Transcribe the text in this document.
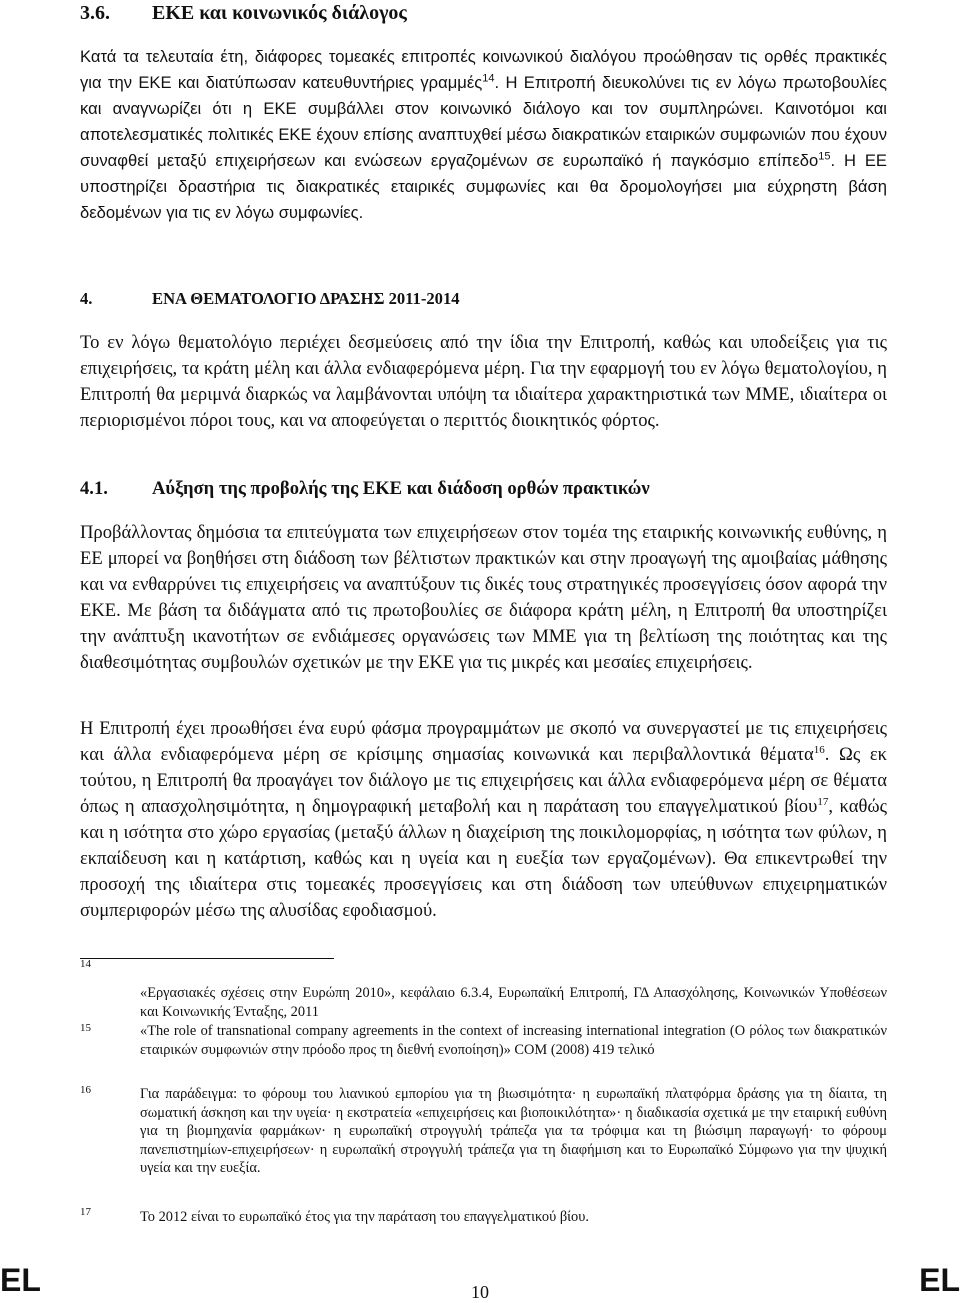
3.6.	ΕΚΕ και κοινωνικός διάλογος

Κατά τα τελευταία έτη, διάφορες τομεακές επιτροπές κοινωνικού διαλόγου προώθησαν τις ορθές πρακτικές για την ΕΚΕ και διατύπωσαν κατευθυντήριες γραμμές$^{14}$. Η Επιτροπή διευκολύνει τις εν λόγω πρωτοβουλίες και αναγνωρίζει ότι η ΕΚΕ συμβάλλει στον κοινωνικό διάλογο και τον συμπληρώνει. Καινοτόμοι και αποτελεσματικές πολιτικές ΕΚΕ έχουν επίσης αναπτυχθεί μέσω διακρατικών εταιρικών συμφωνιών που έχουν συναφθεί μεταξύ επιχειρήσεων και ενώσεων εργαζομένων σε ευρωπαϊκό ή παγκόσμιο επίπεδο$^{15}$. Η ΕΕ υποστηρίζει δραστήρια τις διακρατικές εταιρικές συμφωνίες και θα δρομολογήσει μια εύχρηστη βάση δεδομένων για τις εν λόγω συμφωνίες.

4.	ΕΝΑ ΘΕΜΑΤΟΛΟΓΙΟ ΔΡΑΣΗΣ 2011-2014

Το εν λόγω θεματολόγιο περιέχει δεσμεύσεις από την ίδια την Επιτροπή, καθώς και υποδείξεις για τις επιχειρήσεις, τα κράτη μέλη και άλλα ενδιαφερόμενα μέρη. Για την εφαρμογή του εν λόγω θεματολογίου, η Επιτροπή θα μεριμνά διαρκώς να λαμβάνονται υπόψη τα ιδιαίτερα χαρακτηριστικά των ΜΜΕ, ιδιαίτερα οι περιορισμένοι πόροι τους, και να αποφεύγεται ο περιττός διοικητικός φόρτος.

4.1.	Αύξηση της προβολής της ΕΚΕ και διάδοση ορθών πρακτικών

Προβάλλοντας δημόσια τα επιτεύγματα των επιχειρήσεων στον τομέα της εταιρικής κοινωνικής ευθύνης, η ΕΕ μπορεί να βοηθήσει στη διάδοση των βέλτιστων πρακτικών και στην προαγωγή της αμοιβαίας μάθησης και να ενθαρρύνει τις επιχειρήσεις να αναπτύξουν τις δικές τους στρατηγικές προσεγγίσεις όσον αφορά την ΕΚΕ. Με βάση τα διδάγματα από τις πρωτοβουλίες σε διάφορα κράτη μέλη, η Επιτροπή θα υποστηρίζει την ανάπτυξη ικανοτήτων σε ενδιάμεσες οργανώσεις των ΜΜΕ για τη βελτίωση της ποιότητας και της διαθεσιμότητας συμβουλών σχετικών με την ΕΚΕ για τις μικρές και μεσαίες επιχειρήσεις.

Η Επιτροπή έχει προωθήσει ένα ευρύ φάσμα προγραμμάτων με σκοπό να συνεργαστεί με τις επιχειρήσεις και άλλα ενδιαφερόμενα μέρη σε κρίσιμης σημασίας κοινωνικά και περιβαλλοντικά θέματα$^{16}$. Ως εκ τούτου, η Επιτροπή θα προαγάγει τον διάλογο με τις επιχειρήσεις και άλλα ενδιαφερόμενα μέρη σε θέματα όπως η απασχολησιμότητα, η δημογραφική μεταβολή και η παράταση του επαγγελματικού βίου$^{17}$, καθώς και η ισότητα στο χώρο εργασίας (μεταξύ άλλων η διαχείριση της ποικιλομορφίας, η ισότητα των φύλων, η εκπαίδευση και η κατάρτιση, καθώς και η υγεία και η ευεξία των εργαζομένων). Θα επικεντρωθεί την προσοχή της ιδιαίτερα στις τομεακές προσεγγίσεις και στη διάδοση των υπεύθυνων επιχειρηματικών συμπεριφορών μέσω της αλυσίδας εφοδιασμού.

14

«Εργασιακές σχέσεις στην Ευρώπη 2010», κεφάλαιο 6.3.4, Ευρωπαϊκή Επιτροπή, ΓΔ Απασχόλησης, Κοινωνικών Υποθέσεων και Κοινωνικής Ένταξης, 2011

15	«The role of transnational company agreements in the context of increasing international integration (Ο ρόλος των διακρατικών εταιρικών συμφωνιών στην πρόοδο προς τη διεθνή ενοποίηση)» COM (2008) 419 τελικό

16	Για παράδειγμα: το φόρουμ του λιανικού εμπορίου για τη βιωσιμότητα· η ευρωπαϊκή πλατφόρμα δράσης για τη δίαιτα, τη σωματική άσκηση και την υγεία· η εκστρατεία «επιχειρήσεις και βιοποικιλότητα»· η διαδικασία σχετικά με την εταιρική ευθύνη για τη βιομηχανία φαρμάκων· η ευρωπαϊκή στρογγυλή τράπεζα για τα τρόφιμα και τη βιώσιμη παραγωγή· το φόρουμ πανεπιστημίων-επιχειρήσεων· η ευρωπαϊκή στρογγυλή τράπεζα για τη διαφήμιση και το Ευρωπαϊκό Σύμφωνο για την ψυχική υγεία και την ευεξία.

17	Το 2012 είναι το ευρωπαϊκό έτος για την παράταση του επαγγελματικού βίου.

EL	10	EL
